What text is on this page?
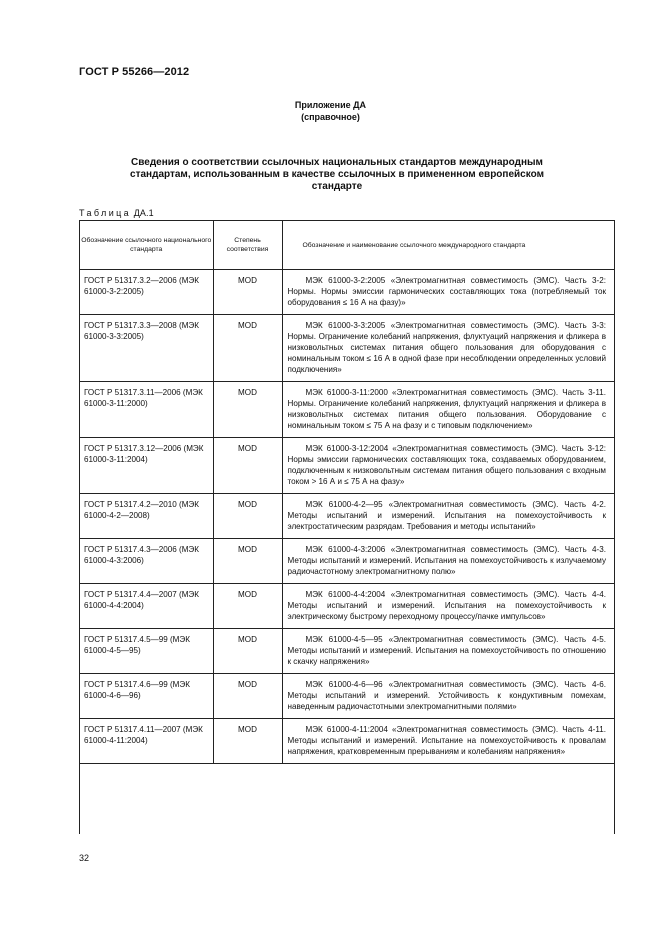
ГОСТ Р 55266—2012
Приложение ДА
(справочное)
Сведения о соответствии ссылочных национальных стандартов международным стандартам, использованным в качестве ссылочных в примененном европейском стандарте
Таблица ДА.1
Обозначение ссылочного национального стандарта	Степень соответствия	Обозначение и наименование ссылочного международного стандарта
ГОСТ Р 51317.3.2—2006 (МЭК 61000-3-2:2005)	MOD	МЭК 61000-3-2:2005 «Электромагнитная совместимость (ЭМС). Часть 3-2: Нормы. Нормы эмиссии гармонических составляющих тока (потребляемый ток оборудования ≤ 16 А на фазу)»

ГОСТ Р 51317.3.3—2008 (МЭК 61000-3-3:2005)	MOD	МЭК 61000-3-3:2005 «Электромагнитная совместимость (ЭМС). Часть 3-3: Нормы. Ограничение колебаний напряжения, флуктуаций напряжения и фликера в низковольтных системах питания общего пользования для оборудования с номинальным током ≤ 16 А в одной фазе при несоблюдении определенных условий подключения»

ГОСТ Р 51317.3.11—2006 (МЭК 61000-3-11:2000)	MOD	МЭК 61000-3-11:2000 «Электромагнитная совместимость (ЭМС). Часть 3-11. Нормы. Ограничение колебаний напряжения, флуктуаций напряжения и фликера в низковольтных системах питания общего пользования. Оборудование с номинальным током ≤ 75 А на фазу и с типовым подключением»

ГОСТ Р 51317.3.12—2006 (МЭК 61000-3-11:2004)	MOD	МЭК 61000-3-12:2004 «Электромагнитная совместимость (ЭМС). Часть 3-12: Нормы эмиссии гармонических составляющих тока, создаваемых оборудованием, подключенным к низковольтным системам питания общего пользования с входным током > 16 А и ≤ 75 А на фазу»

ГОСТ Р 51317.4.2—2010 (МЭК 61000-4-2—2008)	MOD	МЭК 61000-4-2—95 «Электромагнитная совместимость (ЭМС). Часть 4-2. Методы испытаний и измерений. Испытания на помехоустойчивость к электростатическим разрядам. Требования и методы испытаний»

ГОСТ Р 51317.4.3—2006 (МЭК 61000-4-3:2006)	MOD	МЭК 61000-4-3:2006 «Электромагнитная совместимость (ЭМС). Часть 4-3. Методы испытаний и измерений. Испытания на помехоустойчивость к излучаемому радиочастотному электромагнитному полю»

ГОСТ Р 51317.4.4—2007 (МЭК 61000-4-4:2004)	MOD	МЭК 61000-4-4:2004 «Электромагнитная совместимость (ЭМС). Часть 4-4. Методы испытаний и измерений. Испытания на помехоустойчивость к электрическому быстрому переходному процессу/пачке импульсов»

ГОСТ Р 51317.4.5—99 (МЭК 61000-4-5—95)	MOD	МЭК 61000-4-5—95 «Электромагнитная совместимость (ЭМС). Часть 4-5. Методы испытаний и измерений. Испытания на помехоустойчивость по отношению к скачку напряжения»

ГОСТ Р 51317.4.6—99 (МЭК 61000-4-6—96)	MOD	МЭК 61000-4-6—96 «Электромагнитная совместимость (ЭМС). Часть 4-6. Методы испытаний и измерений. Устойчивость к кондуктивным помехам, наведенным радиочастотными электромагнитными полями»

ГОСТ Р 51317.4.11—2007 (МЭК 61000-4-11:2004)	MOD	МЭК 61000-4-11:2004 «Электромагнитная совместимость (ЭМС). Часть 4-11. Методы испытаний и измерений. Испытание на помехоустойчивость к провалам напряжения, кратковременным прерываниям и колебаниям напряжения»
32
